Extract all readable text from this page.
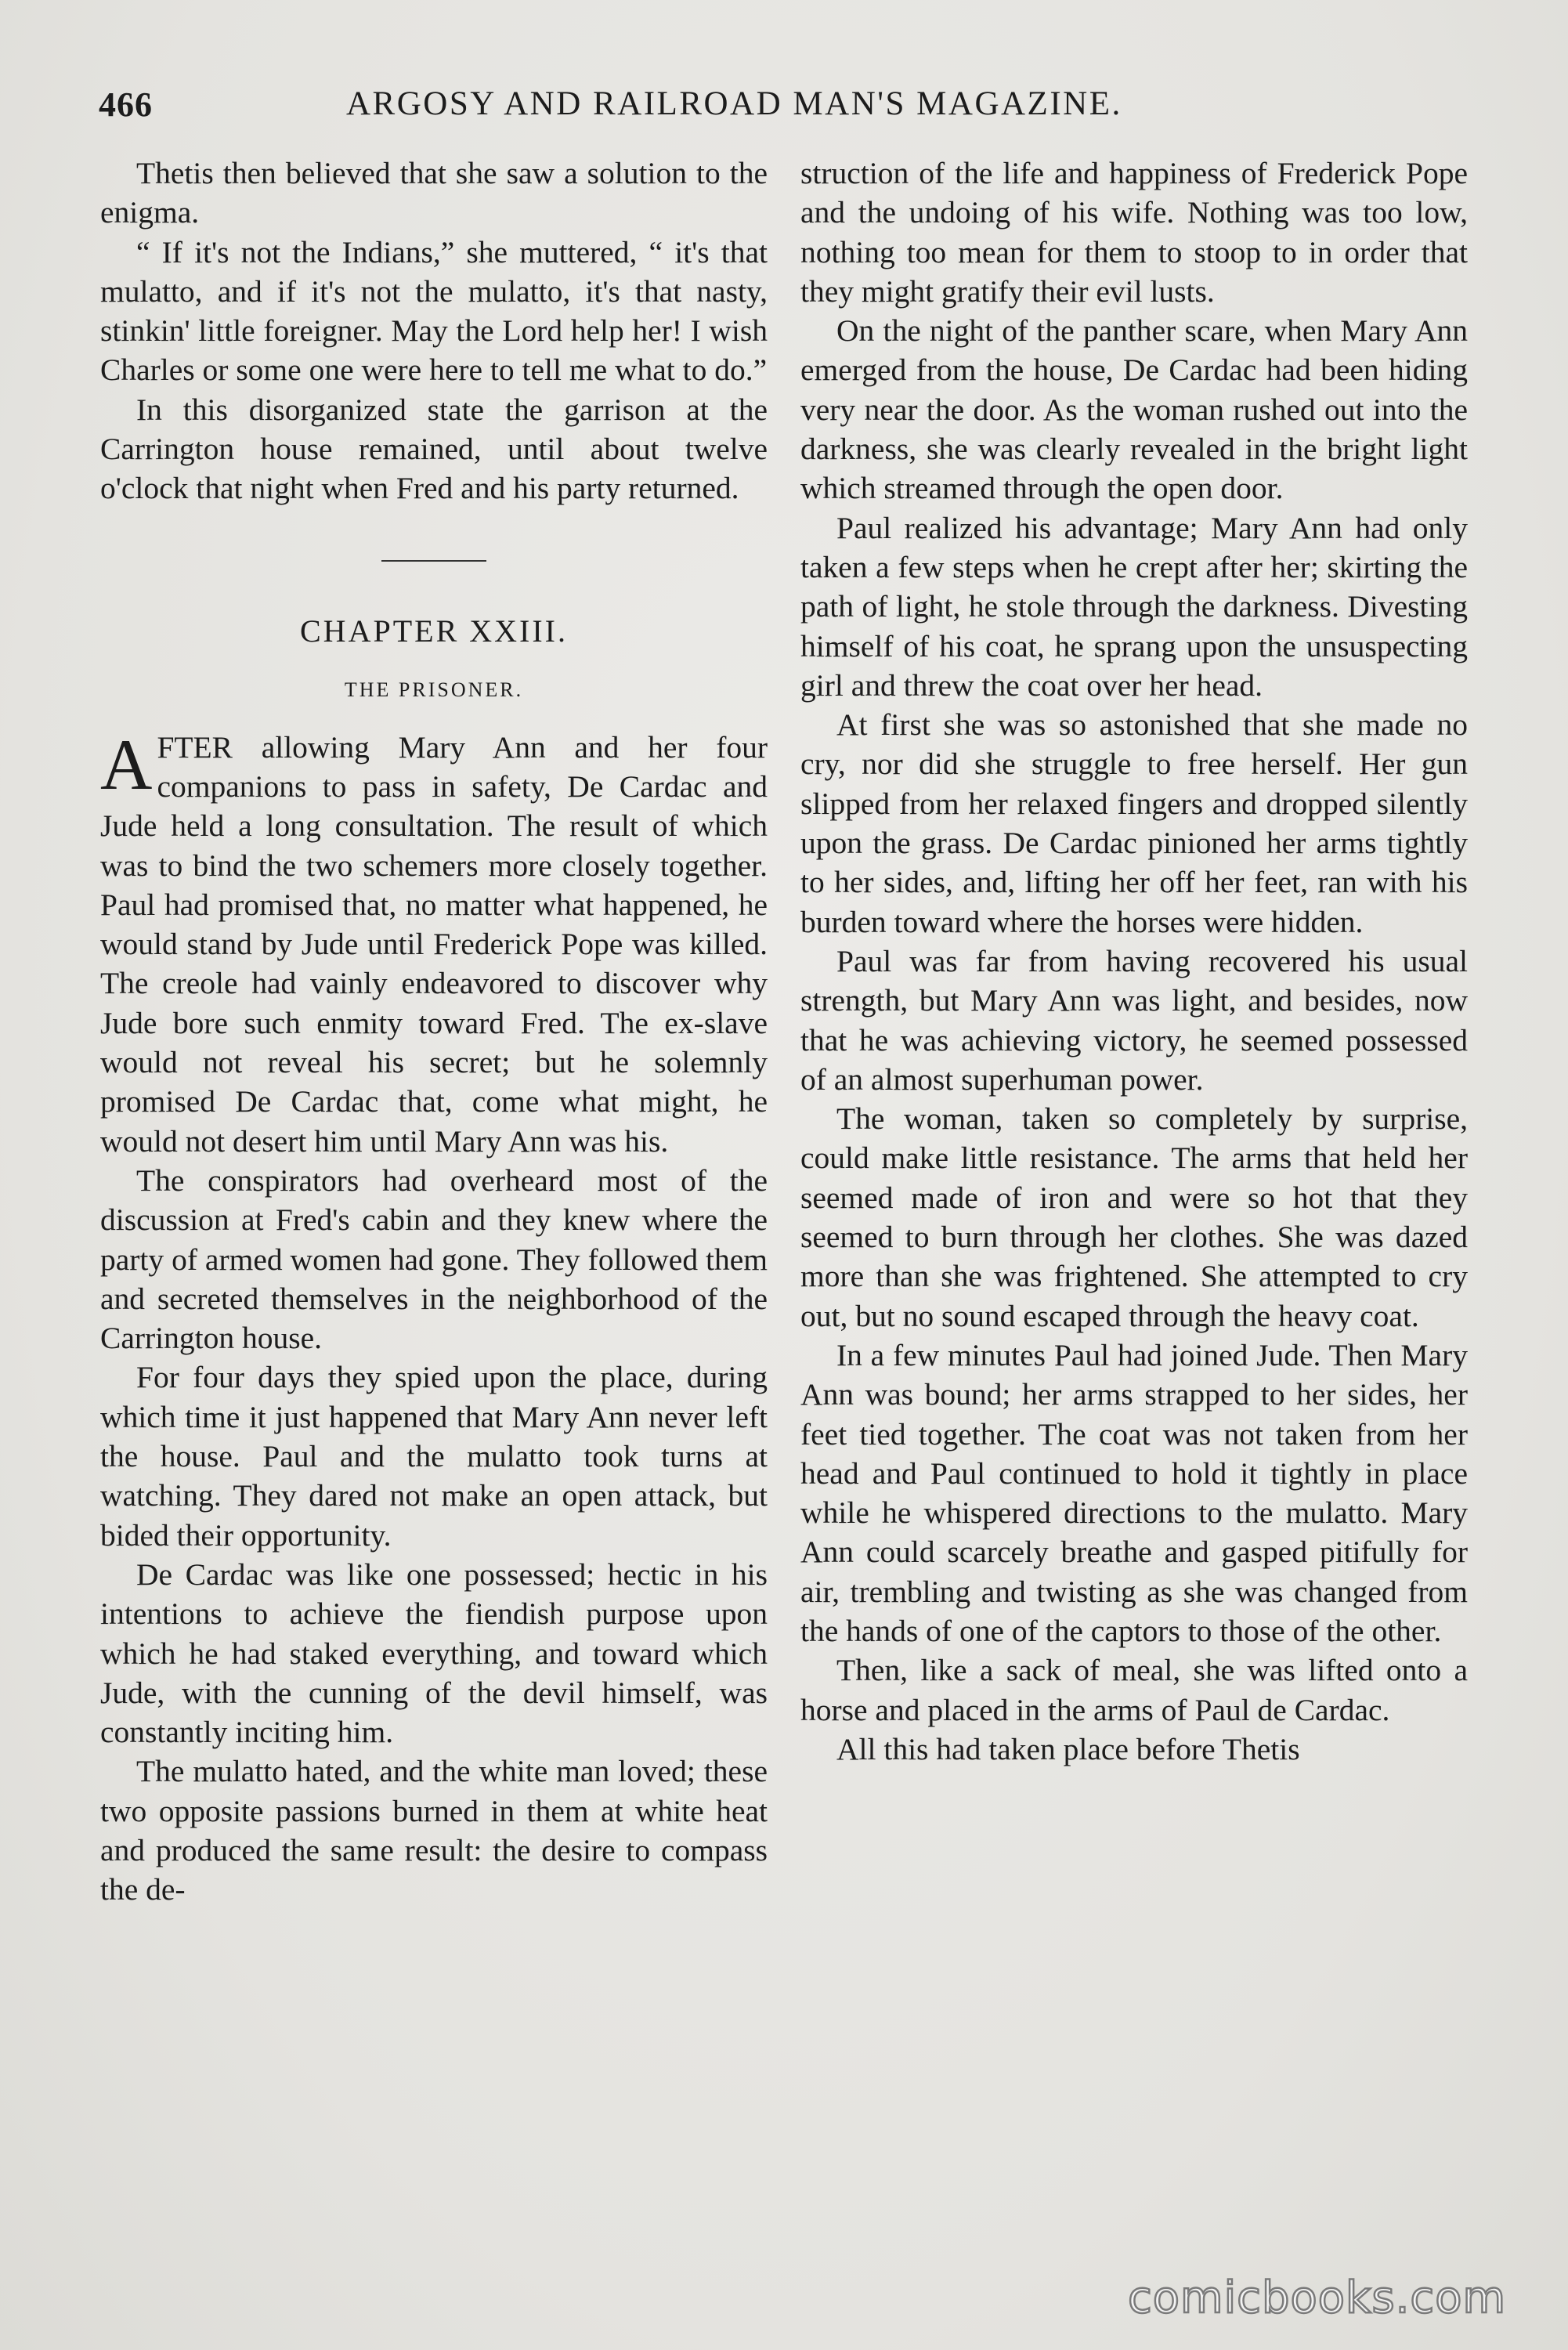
466	ARGOSY AND RAILROAD MAN'S MAGAZINE.

Thetis then believed that she saw a solution to the enigma.

“ If it's not the Indians,” she muttered, “ it's that mulatto, and if it's not the mulatto, it's that nasty, stinkin' little foreigner. May the Lord help her! I wish Charles or some one were here to tell me what to do.”

In this disorganized state the garrison at the Carrington house remained, until about twelve o'clock that night when Fred and his party returned.

CHAPTER XXIII.
THE PRISONER.

AFTER allowing Mary Ann and her four companions to pass in safety, De Cardac and Jude held a long consultation. The result of which was to bind the two schemers more closely together. Paul had promised that, no matter what happened, he would stand by Jude until Frederick Pope was killed. The creole had vainly endeavored to discover why Jude bore such enmity toward Fred. The ex-slave would not reveal his secret; but he solemnly promised De Cardac that, come what might, he would not desert him until Mary Ann was his.

The conspirators had overheard most of the discussion at Fred's cabin and they knew where the party of armed women had gone. They followed them and secreted themselves in the neighborhood of the Carrington house.

For four days they spied upon the place, during which time it just happened that Mary Ann never left the house. Paul and the mulatto took turns at watching. They dared not make an open attack, but bided their opportunity.

De Cardac was like one possessed; hectic in his intentions to achieve the fiendish purpose upon which he had staked everything, and toward which Jude, with the cunning of the devil himself, was constantly inciting him.

The mulatto hated, and the white man loved; these two opposite passions burned in them at white heat and produced the same result: the desire to compass the de-

struction of the life and happiness of Frederick Pope and the undoing of his wife. Nothing was too low, nothing too mean for them to stoop to in order that they might gratify their evil lusts.

On the night of the panther scare, when Mary Ann emerged from the house, De Cardac had been hiding very near the door. As the woman rushed out into the darkness, she was clearly revealed in the bright light which streamed through the open door.

Paul realized his advantage; Mary Ann had only taken a few steps when he crept after her; skirting the path of light, he stole through the darkness. Divesting himself of his coat, he sprang upon the unsuspecting girl and threw the coat over her head.

At first she was so astonished that she made no cry, nor did she struggle to free herself. Her gun slipped from her relaxed fingers and dropped silently upon the grass. De Cardac pinioned her arms tightly to her sides, and, lifting her off her feet, ran with his burden toward where the horses were hidden.

Paul was far from having recovered his usual strength, but Mary Ann was light, and besides, now that he was achieving victory, he seemed possessed of an almost superhuman power.

The woman, taken so completely by surprise, could make little resistance. The arms that held her seemed made of iron and were so hot that they seemed to burn through her clothes. She was dazed more than she was frightened. She attempted to cry out, but no sound escaped through the heavy coat.

In a few minutes Paul had joined Jude. Then Mary Ann was bound; her arms strapped to her sides, her feet tied together. The coat was not taken from her head and Paul continued to hold it tightly in place while he whispered directions to the mulatto. Mary Ann could scarcely breathe and gasped pitifully for air, trembling and twisting as she was changed from the hands of one of the captors to those of the other.

Then, like a sack of meal, she was lifted onto a horse and placed in the arms of Paul de Cardac.

All this had taken place before Thetis

comicbooks.com
